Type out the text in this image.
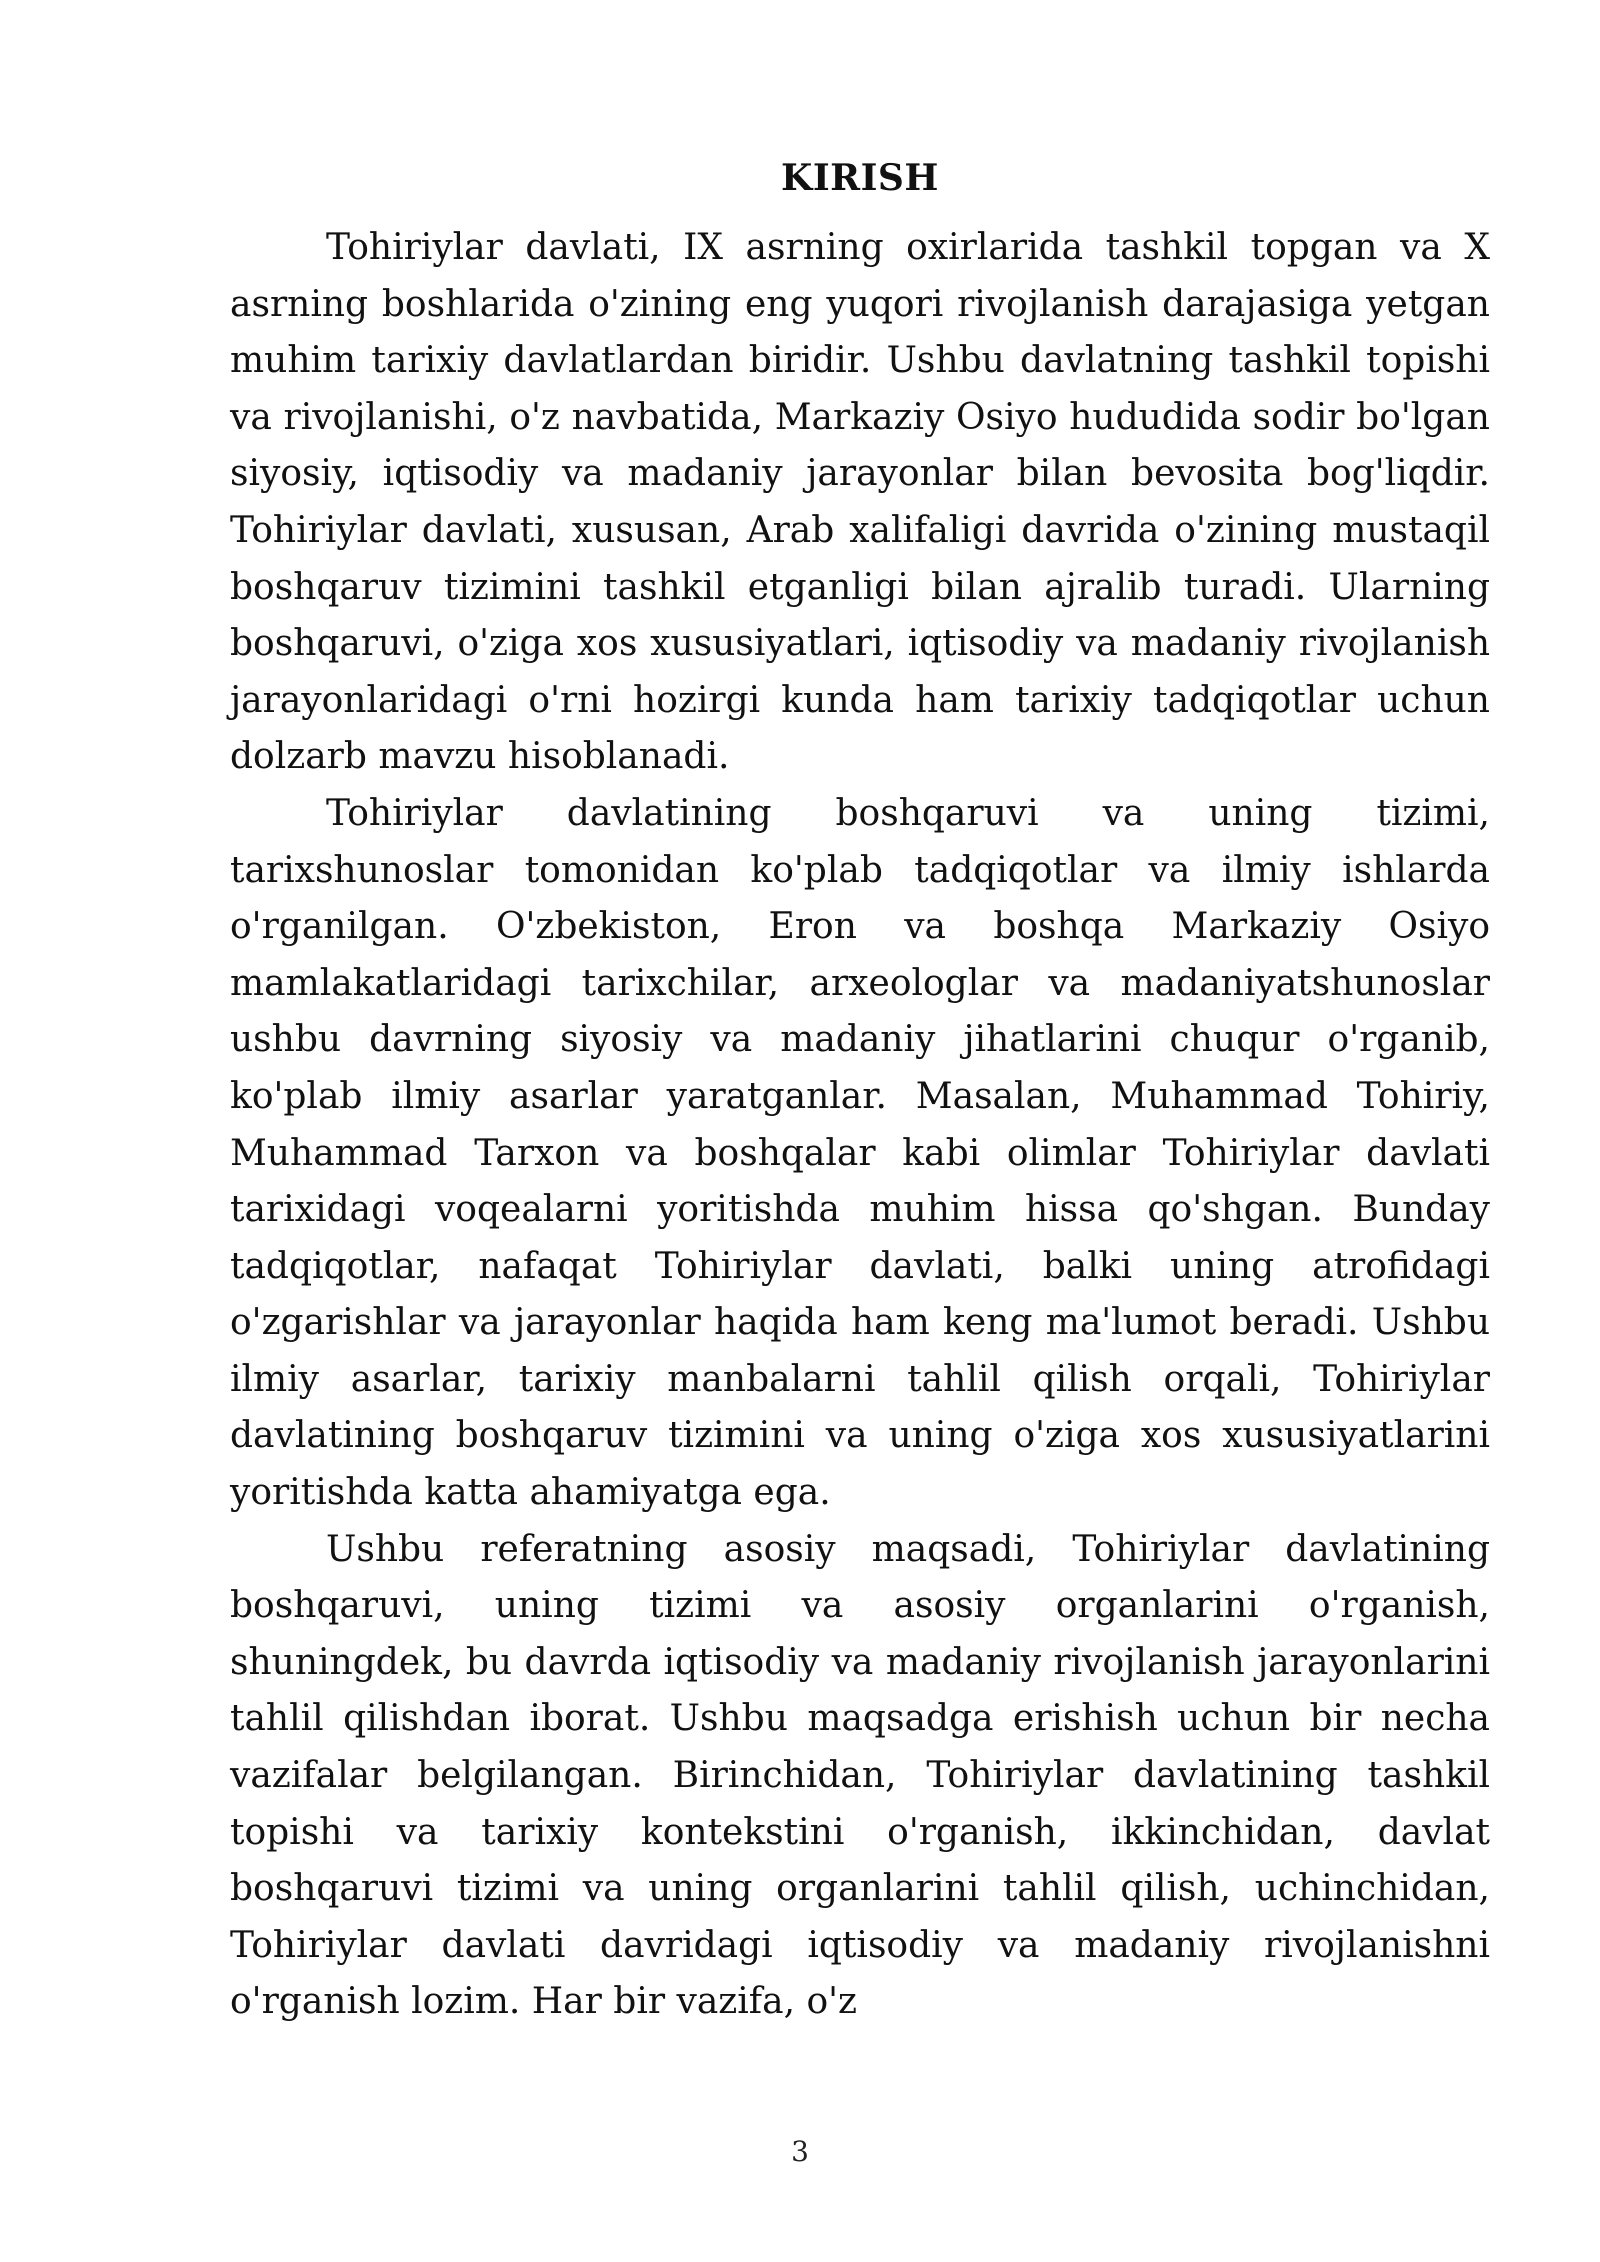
KIRISH

Tohiriylar davlati, IX asrning oxirlarida tashkil topgan va X asrning boshlarida o'zining eng yuqori rivojlanish darajasiga yetgan muhim tarixiy davlatlardan biridir. Ushbu davlatning tashkil topishi va rivojlanishi, o'z navbatida, Markaziy Osiyo hududida sodir bo'lgan siyosiy, iqtisodiy va madaniy jarayonlar bilan bevosita bog'liqdir. Tohiriylar davlati, xususan, Arab xalifaligi davrida o'zining mustaqil boshqaruv tizimini tashkil etganligi bilan ajralib turadi. Ularning boshqaruvi, o'ziga xos xususiyatlari, iqtisodiy va madaniy rivojlanish jarayonlaridagi o'rni hozirgi kunda ham tarixiy tadqiqotlar uchun dolzarb mavzu hisoblanadi.

Tohiriylar davlatining boshqaruvi va uning tizimi, tarixshunoslar tomonidan ko'plab tadqiqotlar va ilmiy ishlarda o'rganilgan. O'zbekiston, Eron va boshqa Markaziy Osiyo mamlakatlaridagi tarixchilar, arxeologlar va madaniyatshunoslar ushbu davrning siyosiy va madaniy jihatlarini chuqur o'rganib, ko'plab ilmiy asarlar yaratganlar. Masalan, Muhammad Tohiriy, Muhammad Tarxon va boshqalar kabi olimlar Tohiriylar davlati tarixidagi voqealarni yoritishda muhim hissa qo'shgan. Bunday tadqiqotlar, nafaqat Tohiriylar davlati, balki uning atrofidagi o'zgarishlar va jarayonlar haqida ham keng ma'lumot beradi. Ushbu ilmiy asarlar, tarixiy manbalarni tahlil qilish orqali, Tohiriylar davlatining boshqaruv tizimini va uning o'ziga xos xususiyatlarini yoritishda katta ahamiyatga ega.

Ushbu referatning asosiy maqsadi, Tohiriylar davlatining boshqaruvi, uning tizimi va asosiy organlarini o'rganish, shuningdek, bu davrda iqtisodiy va madaniy rivojlanish jarayonlarini tahlil qilishdan iborat. Ushbu maqsadga erishish uchun bir necha vazifalar belgilangan. Birinchidan, Tohiriylar davlatining tashkil topishi va tarixiy kontekstini o'rganish, ikkinchidan, davlat boshqaruvi tizimi va uning organlarini tahlil qilish, uchinchidan, Tohiriylar davlati davridagi iqtisodiy va madaniy rivojlanishni o'rganish lozim. Har bir vazifa, o'z

3
